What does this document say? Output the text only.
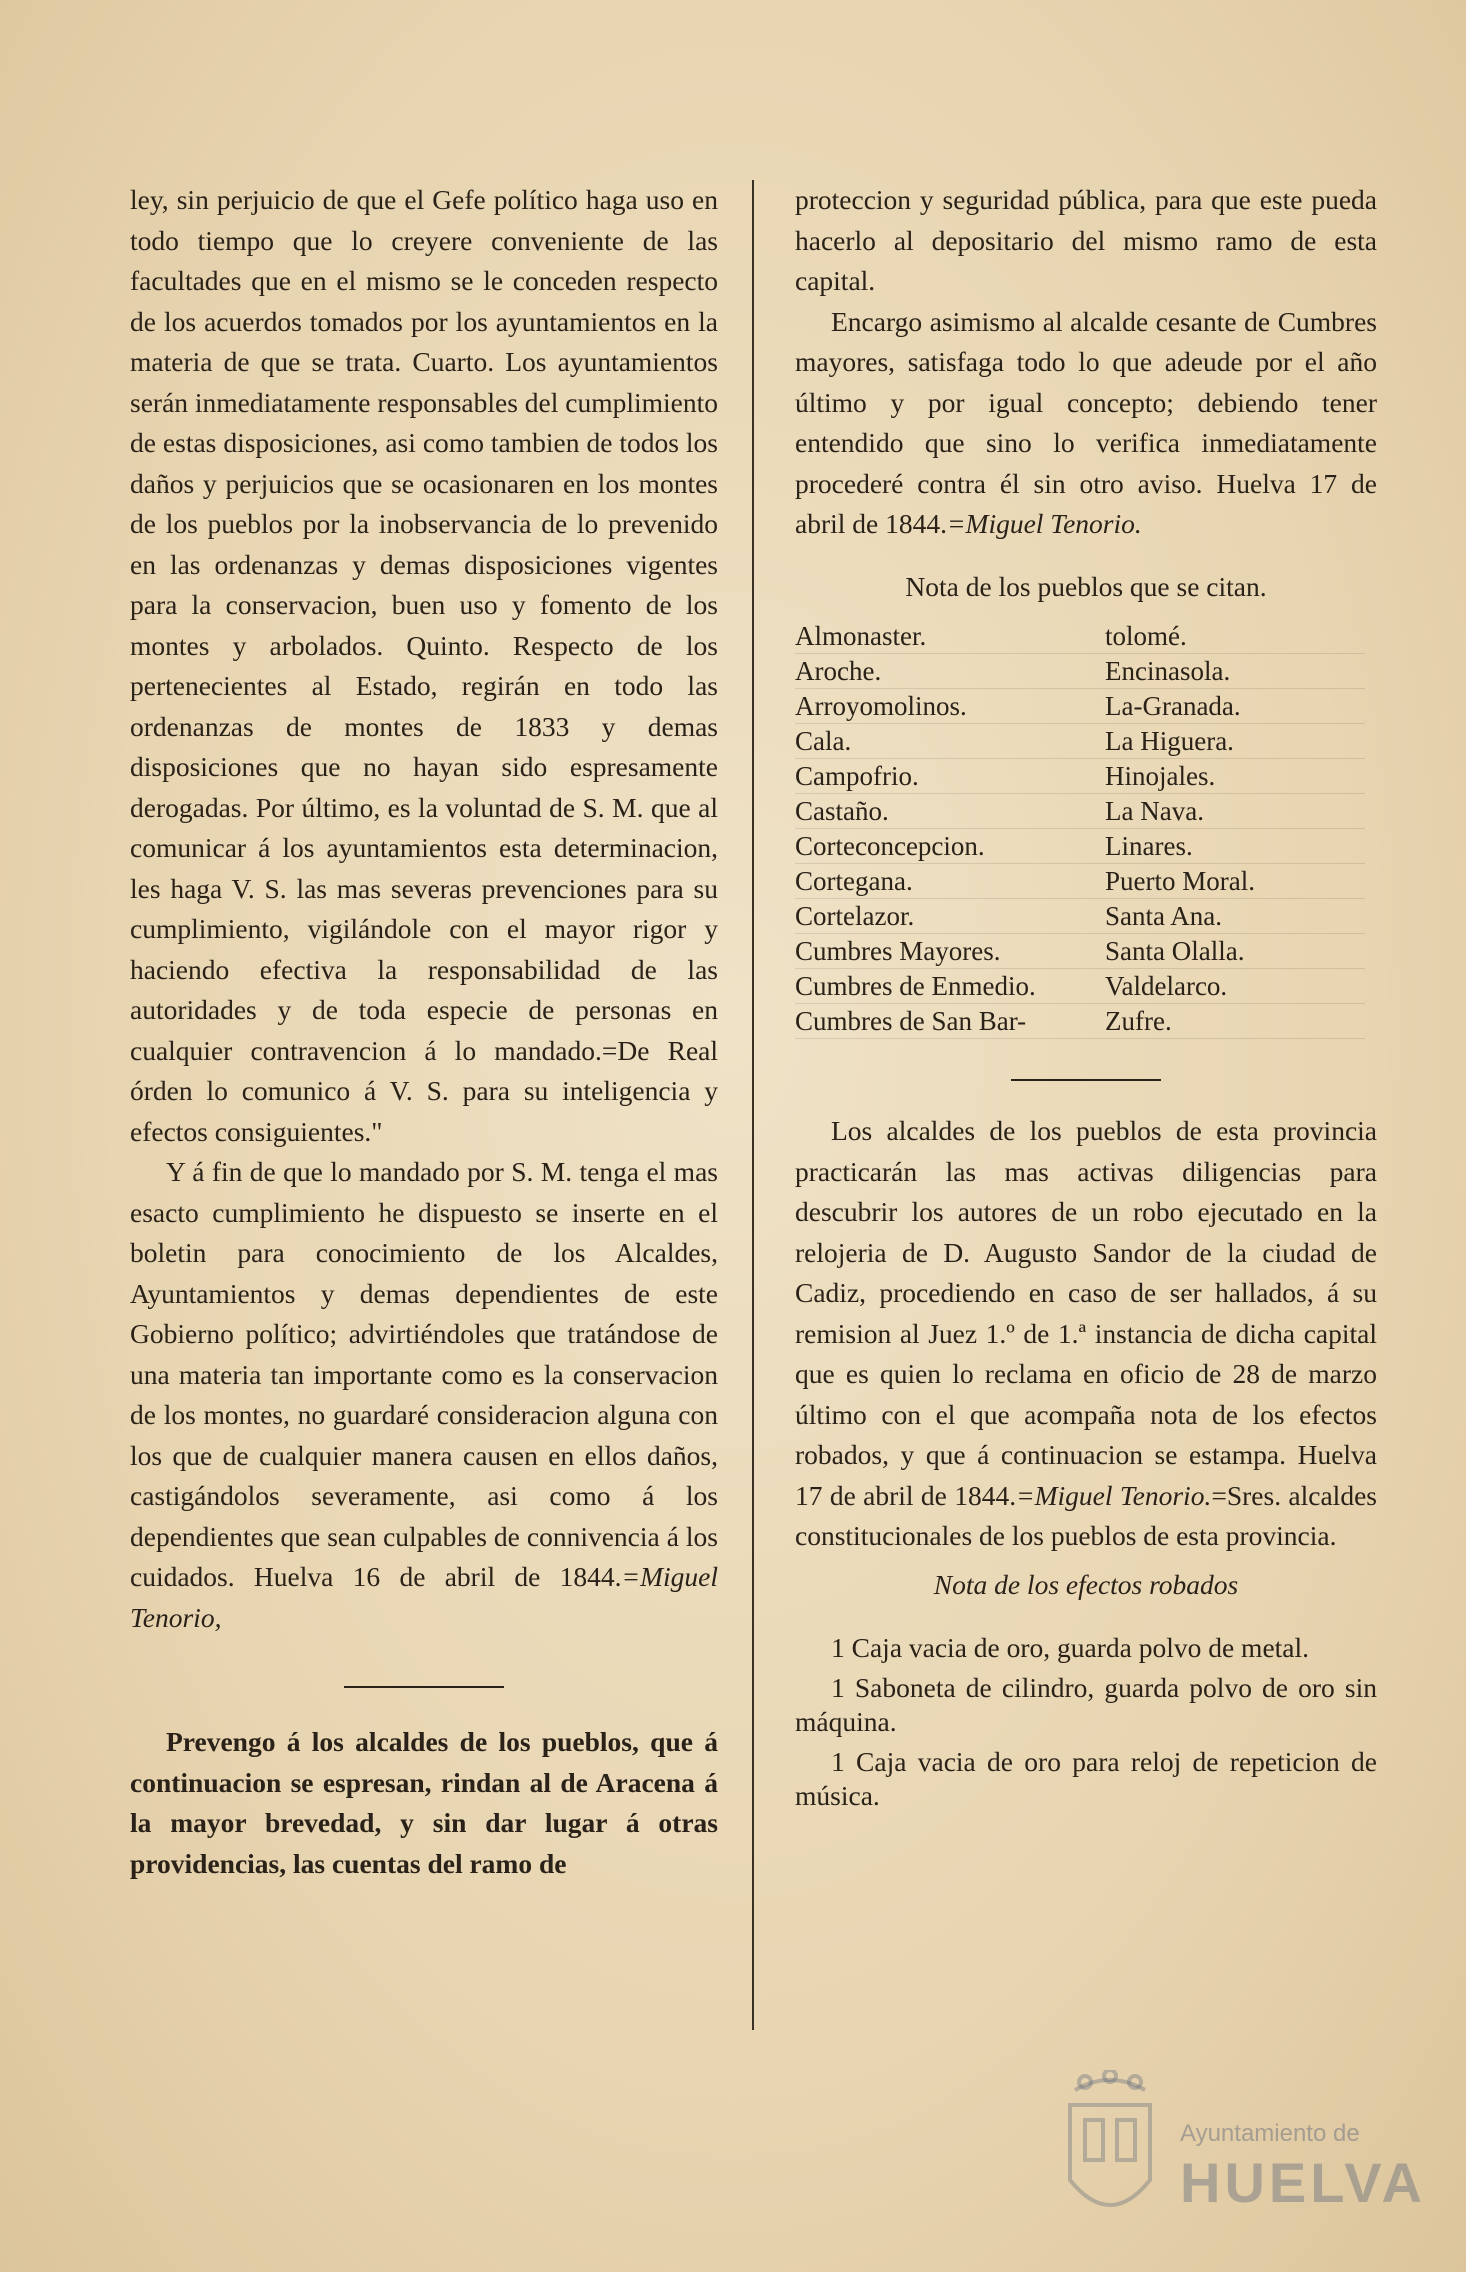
ley, sin perjuicio de que el Gefe político haga uso en todo tiempo que lo creyere conveniente de las facultades que en el mismo se le conceden respecto de los acuerdos tomados por los ayuntamientos en la materia de que se trata. Cuarto. Los ayuntamientos serán inmediatamente responsables del cumplimiento de estas disposiciones, asi como tambien de todos los daños y perjuicios que se ocasionaren en los montes de los pueblos por la inobservancia de lo prevenido en las ordenanzas y demas disposiciones vigentes para la conservacion, buen uso y fomento de los montes y arbolados. Quinto. Respecto de los pertenecientes al Estado, regirán en todo las ordenanzas de montes de 1833 y demas disposiciones que no hayan sido espresamente derogadas. Por último, es la voluntad de S. M. que al comunicar á los ayuntamientos esta determinacion, les haga V. S. las mas severas prevenciones para su cumplimiento, vigilándole con el mayor rigor y haciendo efectiva la responsabilidad de las autoridades y de toda especie de personas en cualquier contravencion á lo mandado.=De Real órden lo comunico á V. S. para su inteligencia y efectos consiguientes."

Y á fin de que lo mandado por S. M. tenga el mas esacto cumplimiento he dispuesto se inserte en el boletin para conocimiento de los Alcaldes, Ayuntamientos y demas dependientes de este Gobierno político; advirtiéndoles que tratándose de una materia tan importante como es la conservacion de los montes, no guardaré consideracion alguna con los que de cualquier manera causen en ellos daños, castigándolos severamente, asi como á los dependientes que sean culpables de connivencia á los cuidados. Huelva 16 de abril de 1844.=Miguel Tenorio,

Prevengo á los alcaldes de los pueblos, que á continuacion se espresan, rindan al de Aracena á la mayor brevedad, y sin dar lugar á otras providencias, las cuentas del ramo de

proteccion y seguridad pública, para que este pueda hacerlo al depositario del mismo ramo de esta capital.

Encargo asimismo al alcalde cesante de Cumbres mayores, satisfaga todo lo que adeude por el año último y por igual concepto; debiendo tener entendido que sino lo verifica inmediatamente procederé contra él sin otro aviso. Huelva 17 de abril de 1844.=Miguel Tenorio.

Nota de los pueblos que se citan.

Almonaster.	tolomé.
Aroche.	Encinasola.
Arroyomolinos.	La-Granada.
Cala.	La Higuera.
Campofrio.	Hinojales.
Castaño.	La Nava.
Corteconcepcion.	Linares.
Cortegana.	Puerto Moral.
Cortelazor.	Santa Ana.
Cumbres Mayores.	Santa Olalla.
Cumbres de Enmedio.	Valdelarco.
Cumbres de San Bar-	Zufre.

Los alcaldes de los pueblos de esta provincia practicarán las mas activas diligencias para descubrir los autores de un robo ejecutado en la relojeria de D. Augusto Sandor de la ciudad de Cadiz, procediendo en caso de ser hallados, á su remision al Juez 1.º de 1.ª instancia de dicha capital que es quien lo reclama en oficio de 28 de marzo último con el que acompaña nota de los efectos robados, y que á continuacion se estampa. Huelva 17 de abril de 1844.=Miguel Tenorio.=Sres. alcaldes constitucionales de los pueblos de esta provincia.

Nota de los efectos robados

1 Caja vacia de oro, guarda polvo de metal.

1 Saboneta de cilindro, guarda polvo de oro sin máquina.

1 Caja vacia de oro para reloj de repeticion de música.

Ayuntamiento de
HUELVA
